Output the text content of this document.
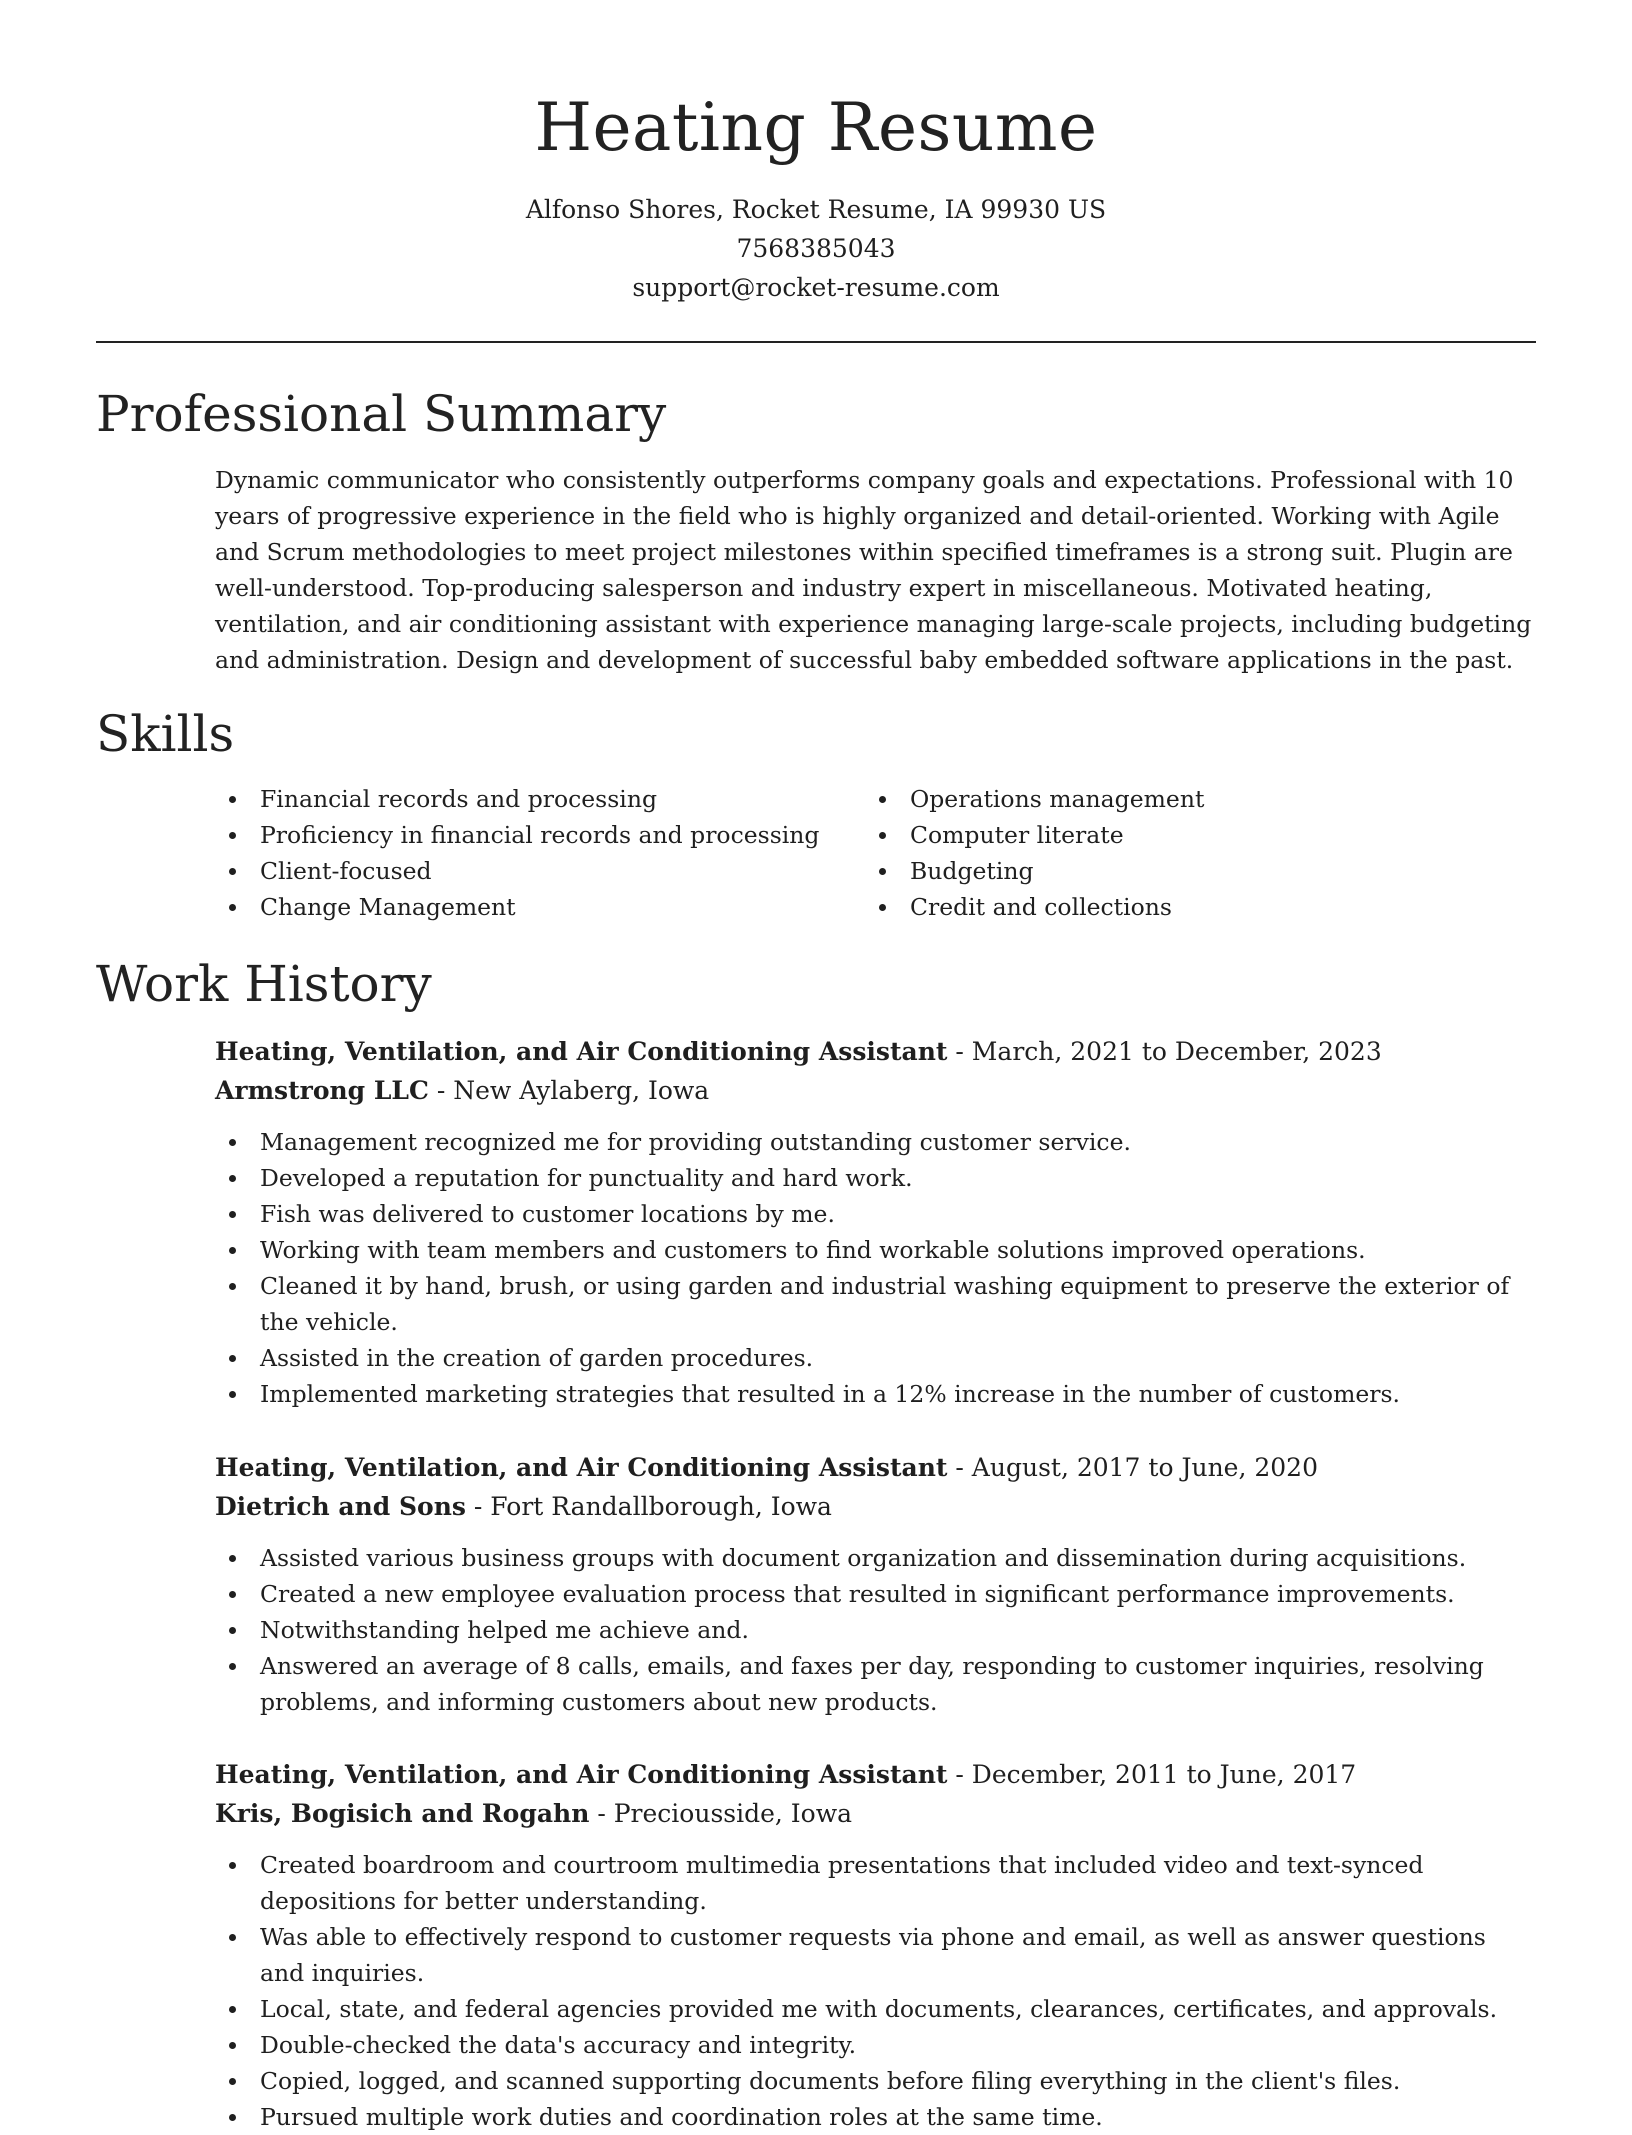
Heating Resume

Alfonso Shores, Rocket Resume, IA 99930 US

7568385043

support@rocket-resume.com

Professional Summary

Dynamic communicator who consistently outperforms company goals and expectations. Professional with 10 years of progressive experience in the field who is highly organized and detail-oriented. Working with Agile and Scrum methodologies to meet project milestones within specified timeframes is a strong suit. Plugin are well-understood. Top-producing salesperson and industry expert in miscellaneous. Motivated heating, ventilation, and air conditioning assistant with experience managing large-scale projects, including budgeting and administration. Design and development of successful baby embedded software applications in the past.

Skills
Financial records and processing
Proficiency in financial records and processing
Client-focused
Change Management
Operations management
Computer literate
Budgeting
Credit and collections
Work History

Heating, Ventilation, and Air Conditioning Assistant - March, 2021 to December, 2023

Armstrong LLC - New Aylaberg, Iowa

Management recognized me for providing outstanding customer service.
Developed a reputation for punctuality and hard work.
Fish was delivered to customer locations by me.
Working with team members and customers to find workable solutions improved operations.
Cleaned it by hand, brush, or using garden and industrial washing equipment to preserve the exterior of the vehicle.
Assisted in the creation of garden procedures.
Implemented marketing strategies that resulted in a 12% increase in the number of customers.

Heating, Ventilation, and Air Conditioning Assistant - August, 2017 to June, 2020

Dietrich and Sons - Fort Randallborough, Iowa

Assisted various business groups with document organization and dissemination during acquisitions.
Created a new employee evaluation process that resulted in significant performance improvements.
Notwithstanding helped me achieve and.
Answered an average of 8 calls, emails, and faxes per day, responding to customer inquiries, resolving problems, and informing customers about new products.

Heating, Ventilation, and Air Conditioning Assistant - December, 2011 to June, 2017

Kris, Bogisich and Rogahn - Preciousside, Iowa

Created boardroom and courtroom multimedia presentations that included video and text-synced depositions for better understanding.
Was able to effectively respond to customer requests via phone and email, as well as answer questions and inquiries.
Local, state, and federal agencies provided me with documents, clearances, certificates, and approvals.
Double-checked the data's accuracy and integrity.
Copied, logged, and scanned supporting documents before filing everything in the client's files.
Pursued multiple work duties and coordination roles at the same time.
